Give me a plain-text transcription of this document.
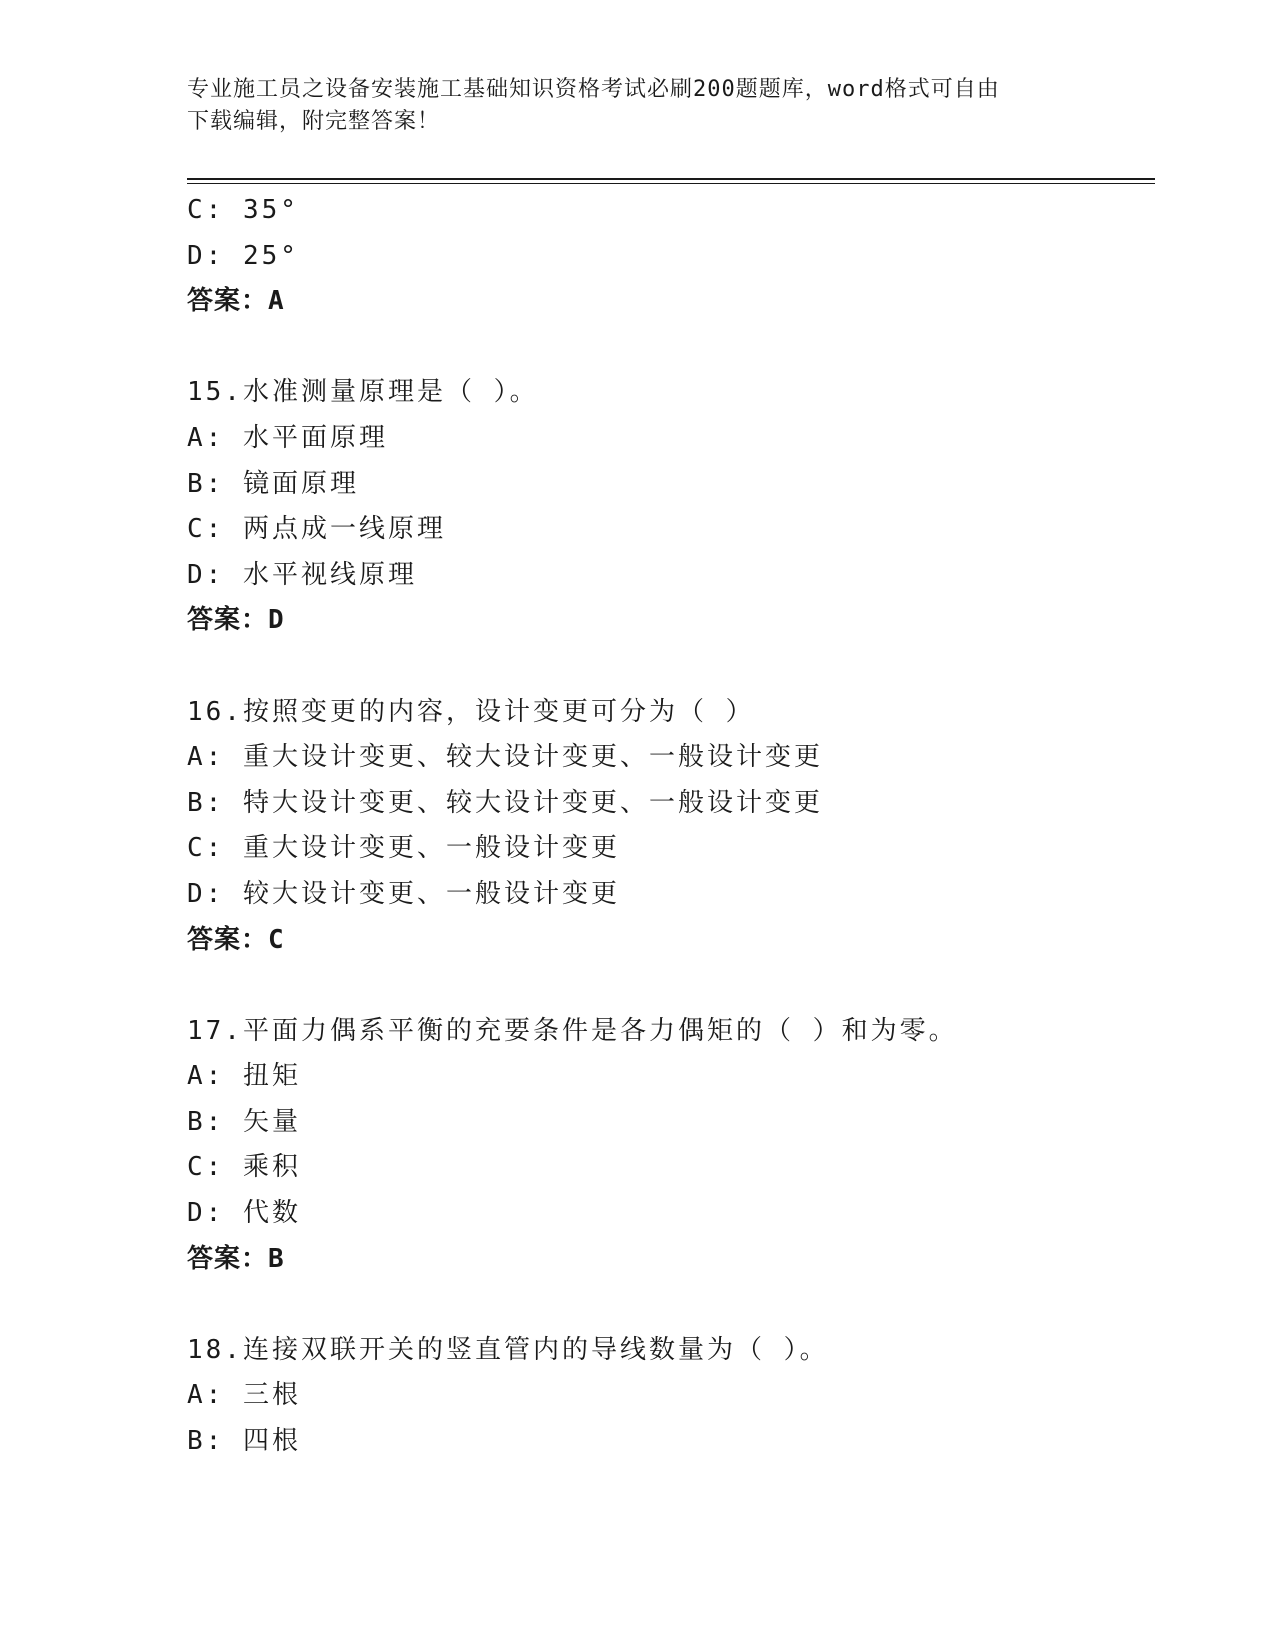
专业施工员之设备安装施工基础知识资格考试必刷200题题库，word格式可自由
下载编辑，附完整答案！
C: 35°
D: 25°
答案：A
15.水准测量原理是（ ）。
A: 水平面原理
B: 镜面原理
C: 两点成一线原理
D: 水平视线原理
答案：D
16.按照变更的内容，设计变更可分为（ ）
A: 重大设计变更、较大设计变更、一般设计变更
B: 特大设计变更、较大设计变更、一般设计变更
C: 重大设计变更、一般设计变更
D: 较大设计变更、一般设计变更
答案：C
17.平面力偶系平衡的充要条件是各力偶矩的（ ）和为零。
A: 扭矩
B: 矢量
C: 乘积
D: 代数
答案：B
18.连接双联开关的竖直管内的导线数量为（ ）。
A: 三根
B: 四根
